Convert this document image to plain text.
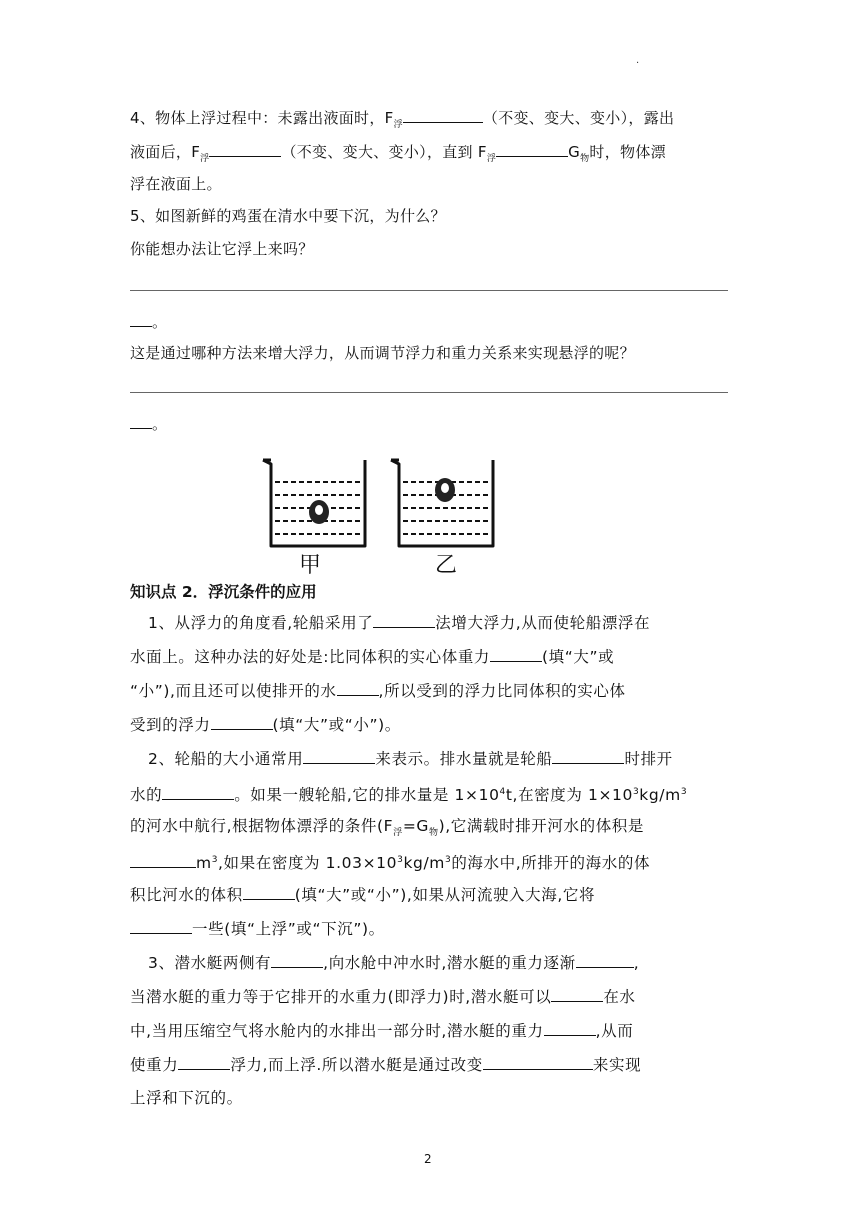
·
4、物体上浮过程中：未露出液面时，$F_浮$	（不变、变大、变小），露出
液面后，$F_浮$	（不变、变大、变小），直到 $F_浮$	$G_物$时，物体漂
浮在液面上。
5、如图新鲜的鸡蛋在清水中要下沉，为什么？
你能想办法让它浮上来吗？
。
这是通过哪种方法来增大浮力，从而调节浮力和重力关系来实现悬浮的呢？
。
甲	乙
知识点 2．浮沉条件的应用
1、从浮力的角度看,轮船采用了	法增大浮力,从而使轮船漂浮在
水面上。这种办法的好处是:比同体积的实心体重力	(填“大”或
“小”),而且还可以使排开的水	,所以受到的浮力比同体积的实心体
受到的浮力	(填“大”或“小”)。
2、轮船的大小通常用	来表示。排水量就是轮船	时排开
水的	。如果一艘轮船,它的排水量是 $1\times 10^4t$,在密度为 $1\times 10^3kg/m^3$
的河水中航行,根据物体漂浮的条件$(F_浮=G_物)$,它满载时排开河水的体积是
$m^3$,如果在密度为 $1.03\times 10^3kg/m^3$的海水中,所排开的海水的体
积比河水的体积	(填“大”或“小”),如果从河流驶入大海,它将
一些(填“上浮”或“下沉”)。
3、潜水艇两侧有	,向水舱中冲水时,潜水艇的重力逐渐	,
当潜水艇的重力等于它排开的水重力(即浮力)时,潜水艇可以	在水
中,当用压缩空气将水舱内的水排出一部分时,潜水艇的重力	,从而
使重力	浮力,而上浮.所以潜水艇是通过改变	来实现
上浮和下沉的。
2
